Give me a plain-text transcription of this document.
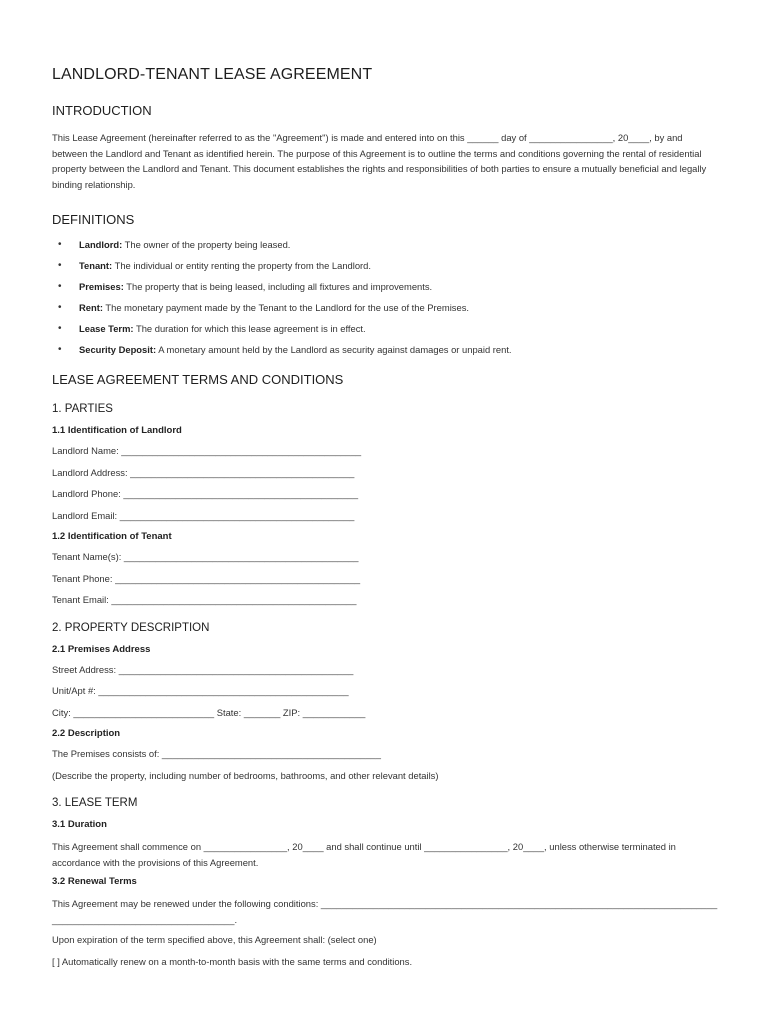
LANDLORD-TENANT LEASE AGREEMENT
INTRODUCTION

This Lease Agreement (hereinafter referred to as the "Agreement") is made and entered into on this ______ day of ________________, 20____, by and between the Landlord and Tenant as identified herein. The purpose of this Agreement is to outline the terms and conditions governing the rental of residential property between the Landlord and Tenant. This document establishes the rights and responsibilities of both parties to ensure a mutually beneficial and legally binding relationship.

DEFINITIONS
• Landlord: The owner of the property being leased.
• Tenant: The individual or entity renting the property from the Landlord.
• Premises: The property that is being leased, including all fixtures and improvements.
• Rent: The monetary payment made by the Tenant to the Landlord for the use of the Premises.
• Lease Term: The duration for which this lease agreement is in effect.
• Security Deposit: A monetary amount held by the Landlord as security against damages or unpaid rent.
LEASE AGREEMENT TERMS AND CONDITIONS
1. PARTIES
1.1 Identification of Landlord
Landlord Name: ______________________________________________
Landlord Address: ___________________________________________
Landlord Phone: _____________________________________________
Landlord Email: _____________________________________________
1.2 Identification of Tenant
Tenant Name(s): _____________________________________________
Tenant Phone: _______________________________________________
Tenant Email: _______________________________________________
2. PROPERTY DESCRIPTION
2.1 Premises Address
Street Address: _____________________________________________
Unit/Apt #: ________________________________________________
City: ___________________________ State: _______ ZIP: ____________
2.2 Description
The Premises consists of: __________________________________________
(Describe the property, including number of bedrooms, bathrooms, and other relevant details)
3. LEASE TERM
3.1 Duration

This Agreement shall commence on ________________, 20____ and shall continue until ________________, 20____, unless otherwise terminated in accordance with the provisions of this Agreement.

3.2 Renewal Terms

This Agreement may be renewed under the following conditions: _______________________________________________________________________________________________________________.

Upon expiration of the term specified above, this Agreement shall: (select one)
[ ] Automatically renew on a month-to-month basis with the same terms and conditions.
